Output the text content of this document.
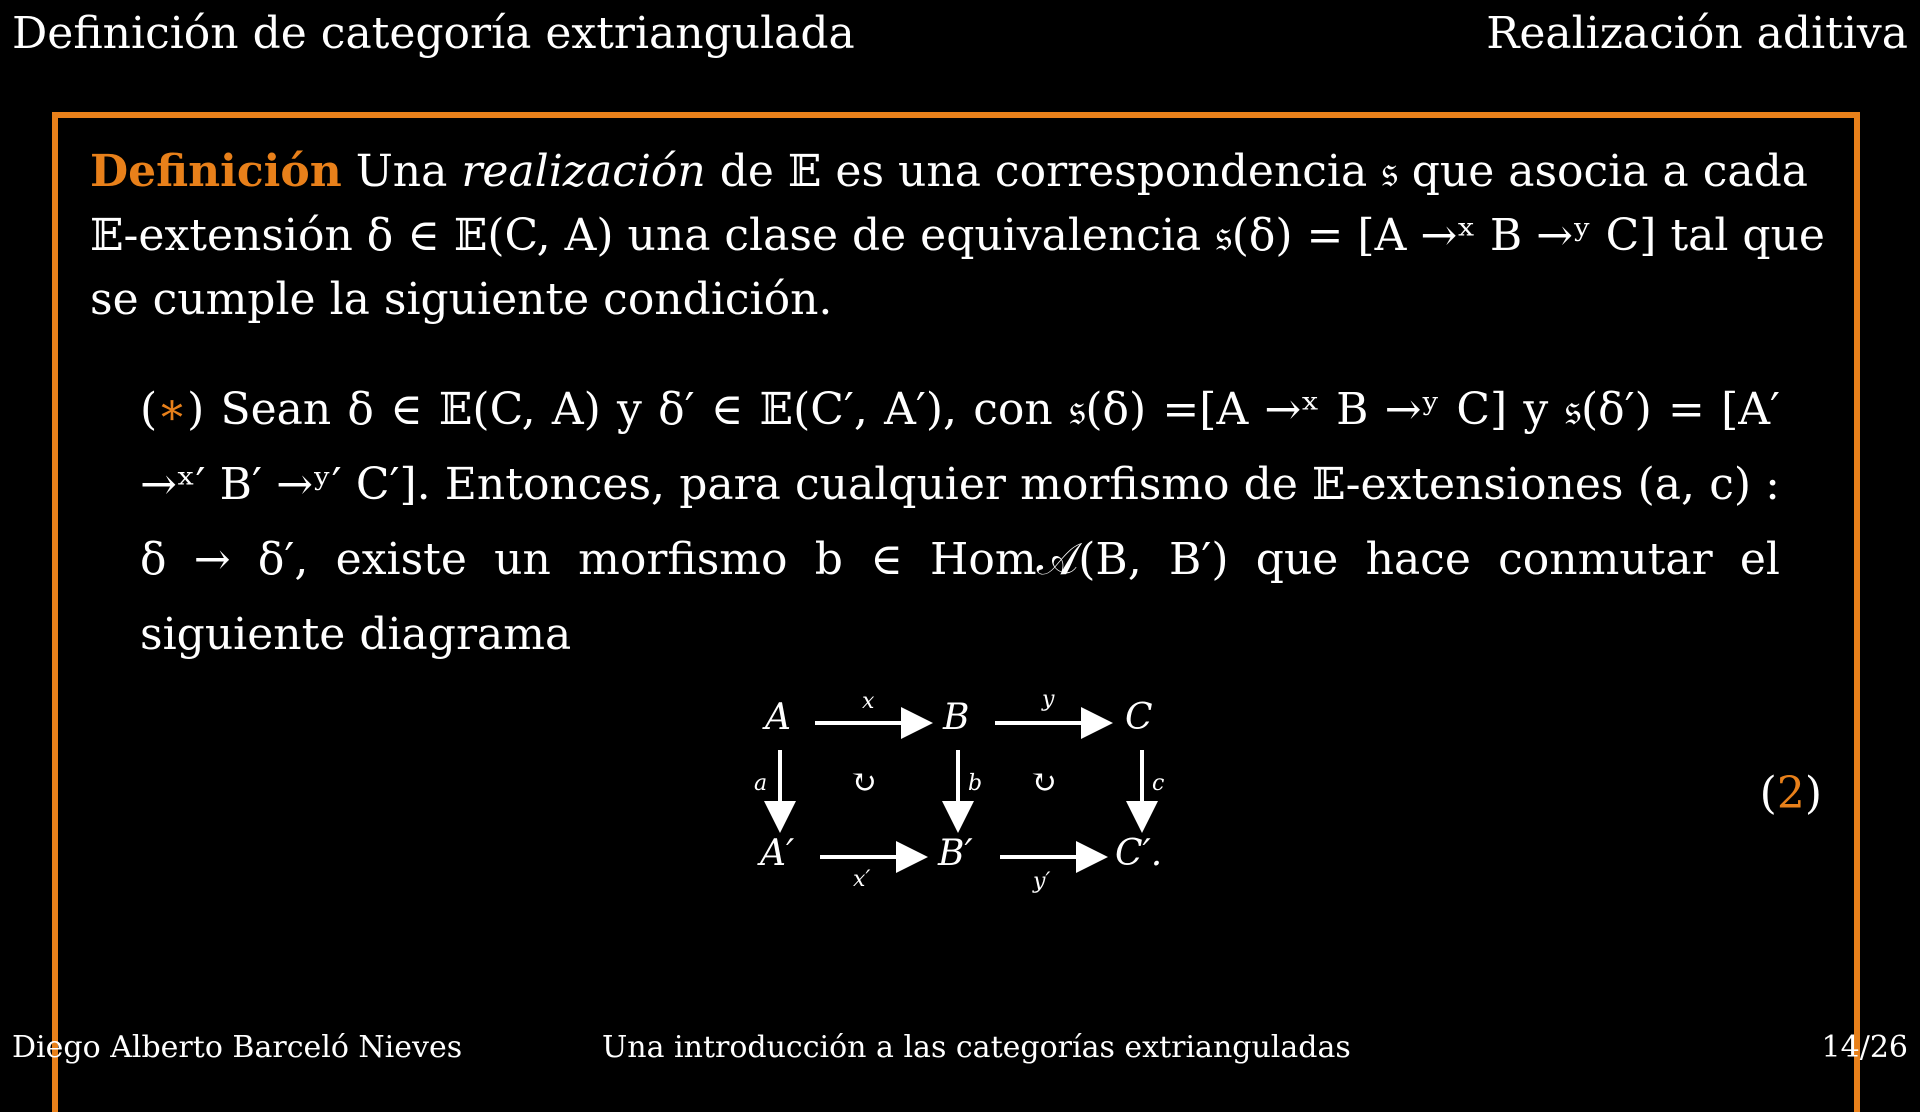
Definición de categoría extriangulada	Realización aditiva
Definición Una realización de 𝔼 es una correspondencia 𝔰 que asocia a cada 𝔼-extensión δ ∈ 𝔼(C, A) una clase de equivalencia 𝔰(δ) = [A →ˣ B →ʸ C] tal que se cumple la siguiente condición.
(∗) Sean δ ∈ 𝔼(C, A) y δ′ ∈ 𝔼(C′, A′), con 𝔰(δ) =[A →ˣ B →ʸ C] y 𝔰(δ′) = [A′ →ˣ′ B′ →ʸ′ C′]. Entonces, para cualquier morfismo de 𝔼-extensiones (a, c) : δ → δ′, existe un morfismo b ∈ Hom𝒜(B, B′) que hace conmutar el siguiente diagrama
A	B	C
A′	B′	C′.
x	y
a	b	c
x′	y′
↻	↻	(2)
Diego Alberto Barceló Nieves	Una introducción a las categorías extrianguladas	14/26
